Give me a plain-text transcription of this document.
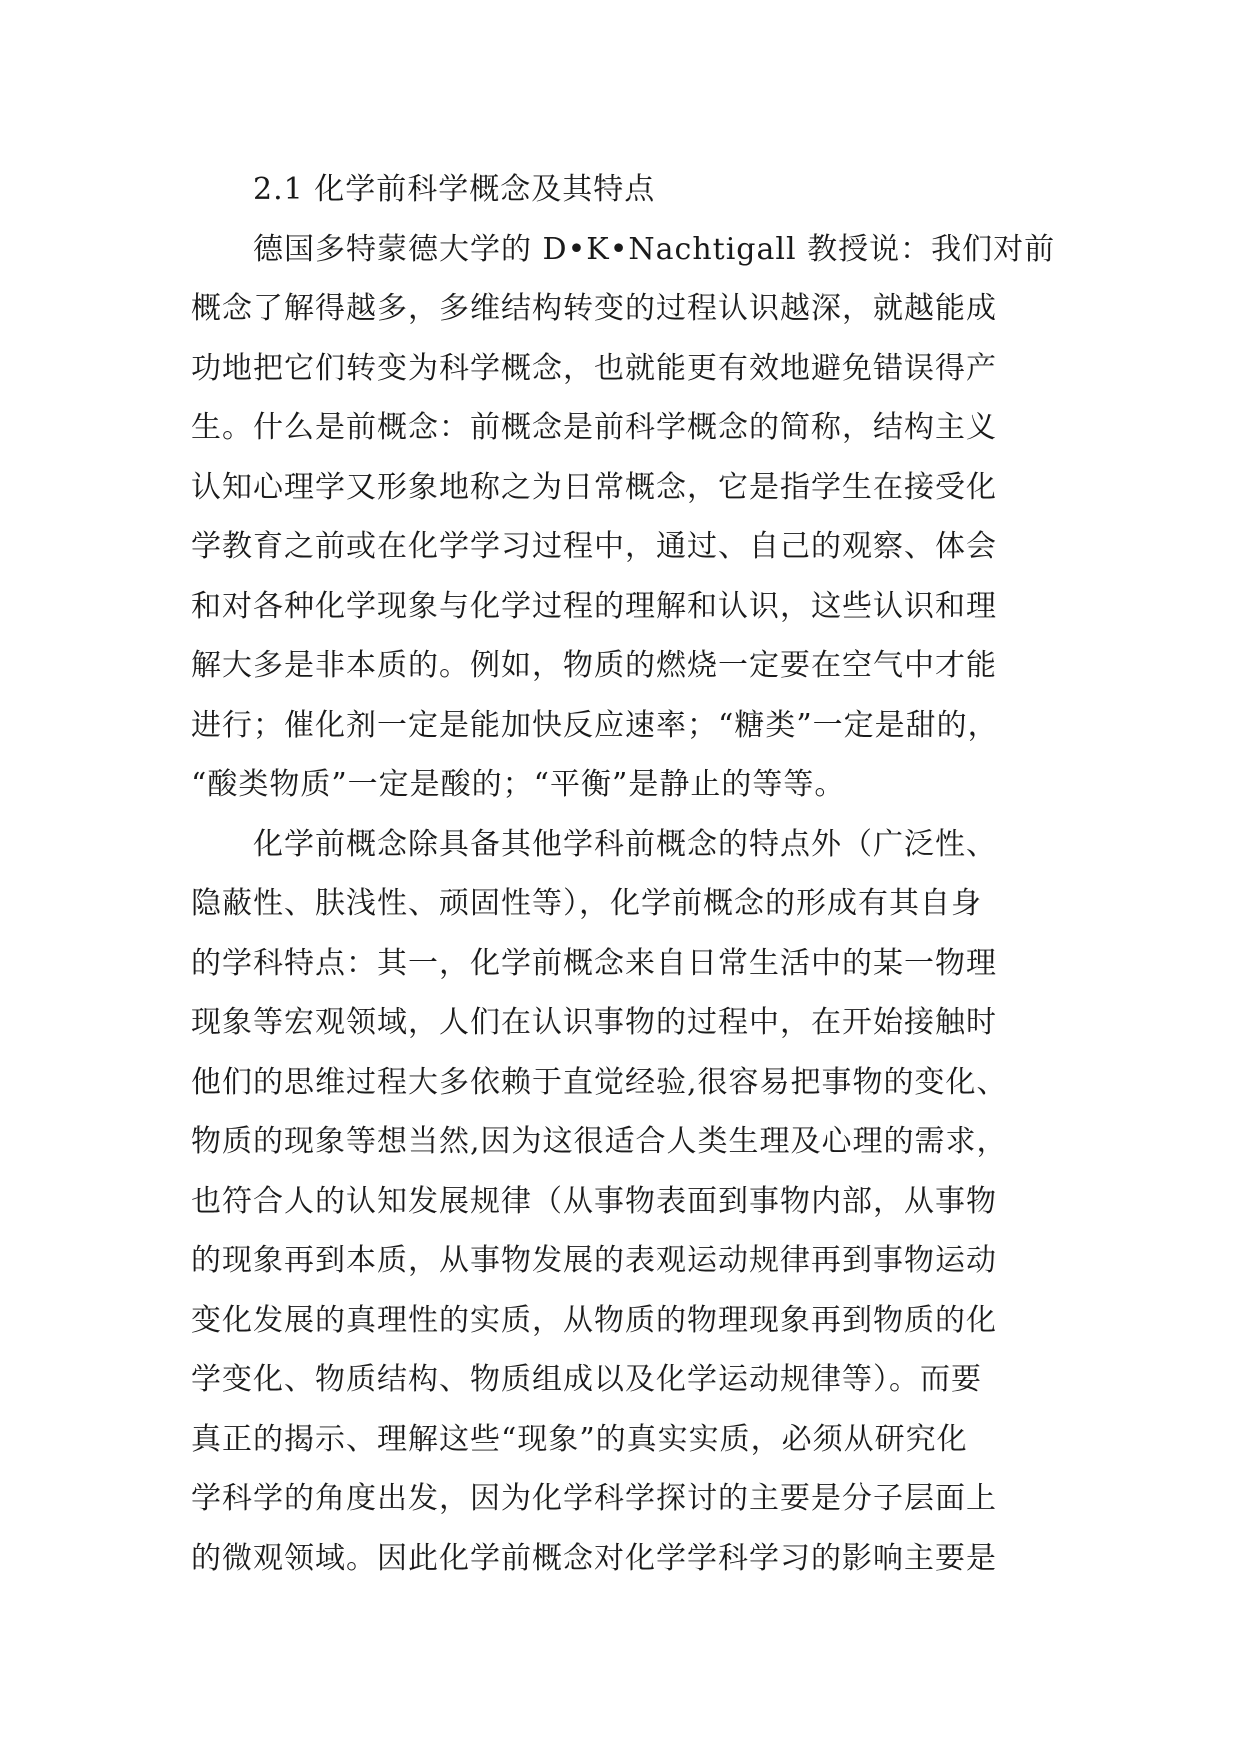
　　2.1 化学前科学概念及其特点
　　德国多特蒙德大学的 D•K•Nachtigall 教授说：我们对前
概念了解得越多，多维结构转变的过程认识越深，就越能成
功地把它们转变为科学概念，也就能更有效地避免错误得产
生。什么是前概念：前概念是前科学概念的简称，结构主义
认知心理学又形象地称之为日常概念，它是指学生在接受化
学教育之前或在化学学习过程中，通过、自己的观察、体会
和对各种化学现象与化学过程的理解和认识，这些认识和理
解大多是非本质的。例如，物质的燃烧一定要在空气中才能
进行；催化剂一定是能加快反应速率；“糖类”一定是甜的，
“酸类物质”一定是酸的；“平衡”是静止的等等。
　　化学前概念除具备其他学科前概念的特点外（广泛性、
隐蔽性、肤浅性、顽固性等），化学前概念的形成有其自身
的学科特点：其一，化学前概念来自日常生活中的某一物理
现象等宏观领域，人们在认识事物的过程中，在开始接触时
他们的思维过程大多依赖于直觉经验,很容易把事物的变化、
物质的现象等想当然,因为这很适合人类生理及心理的需求，
也符合人的认知发展规律（从事物表面到事物内部，从事物
的现象再到本质，从事物发展的表观运动规律再到事物运动
变化发展的真理性的实质，从物质的物理现象再到物质的化
学变化、物质结构、物质组成以及化学运动规律等）。而要
真正的揭示、理解这些“现象”的真实实质，必须从研究化
学科学的角度出发，因为化学科学探讨的主要是分子层面上
的微观领域。因此化学前概念对化学学科学习的影响主要是
